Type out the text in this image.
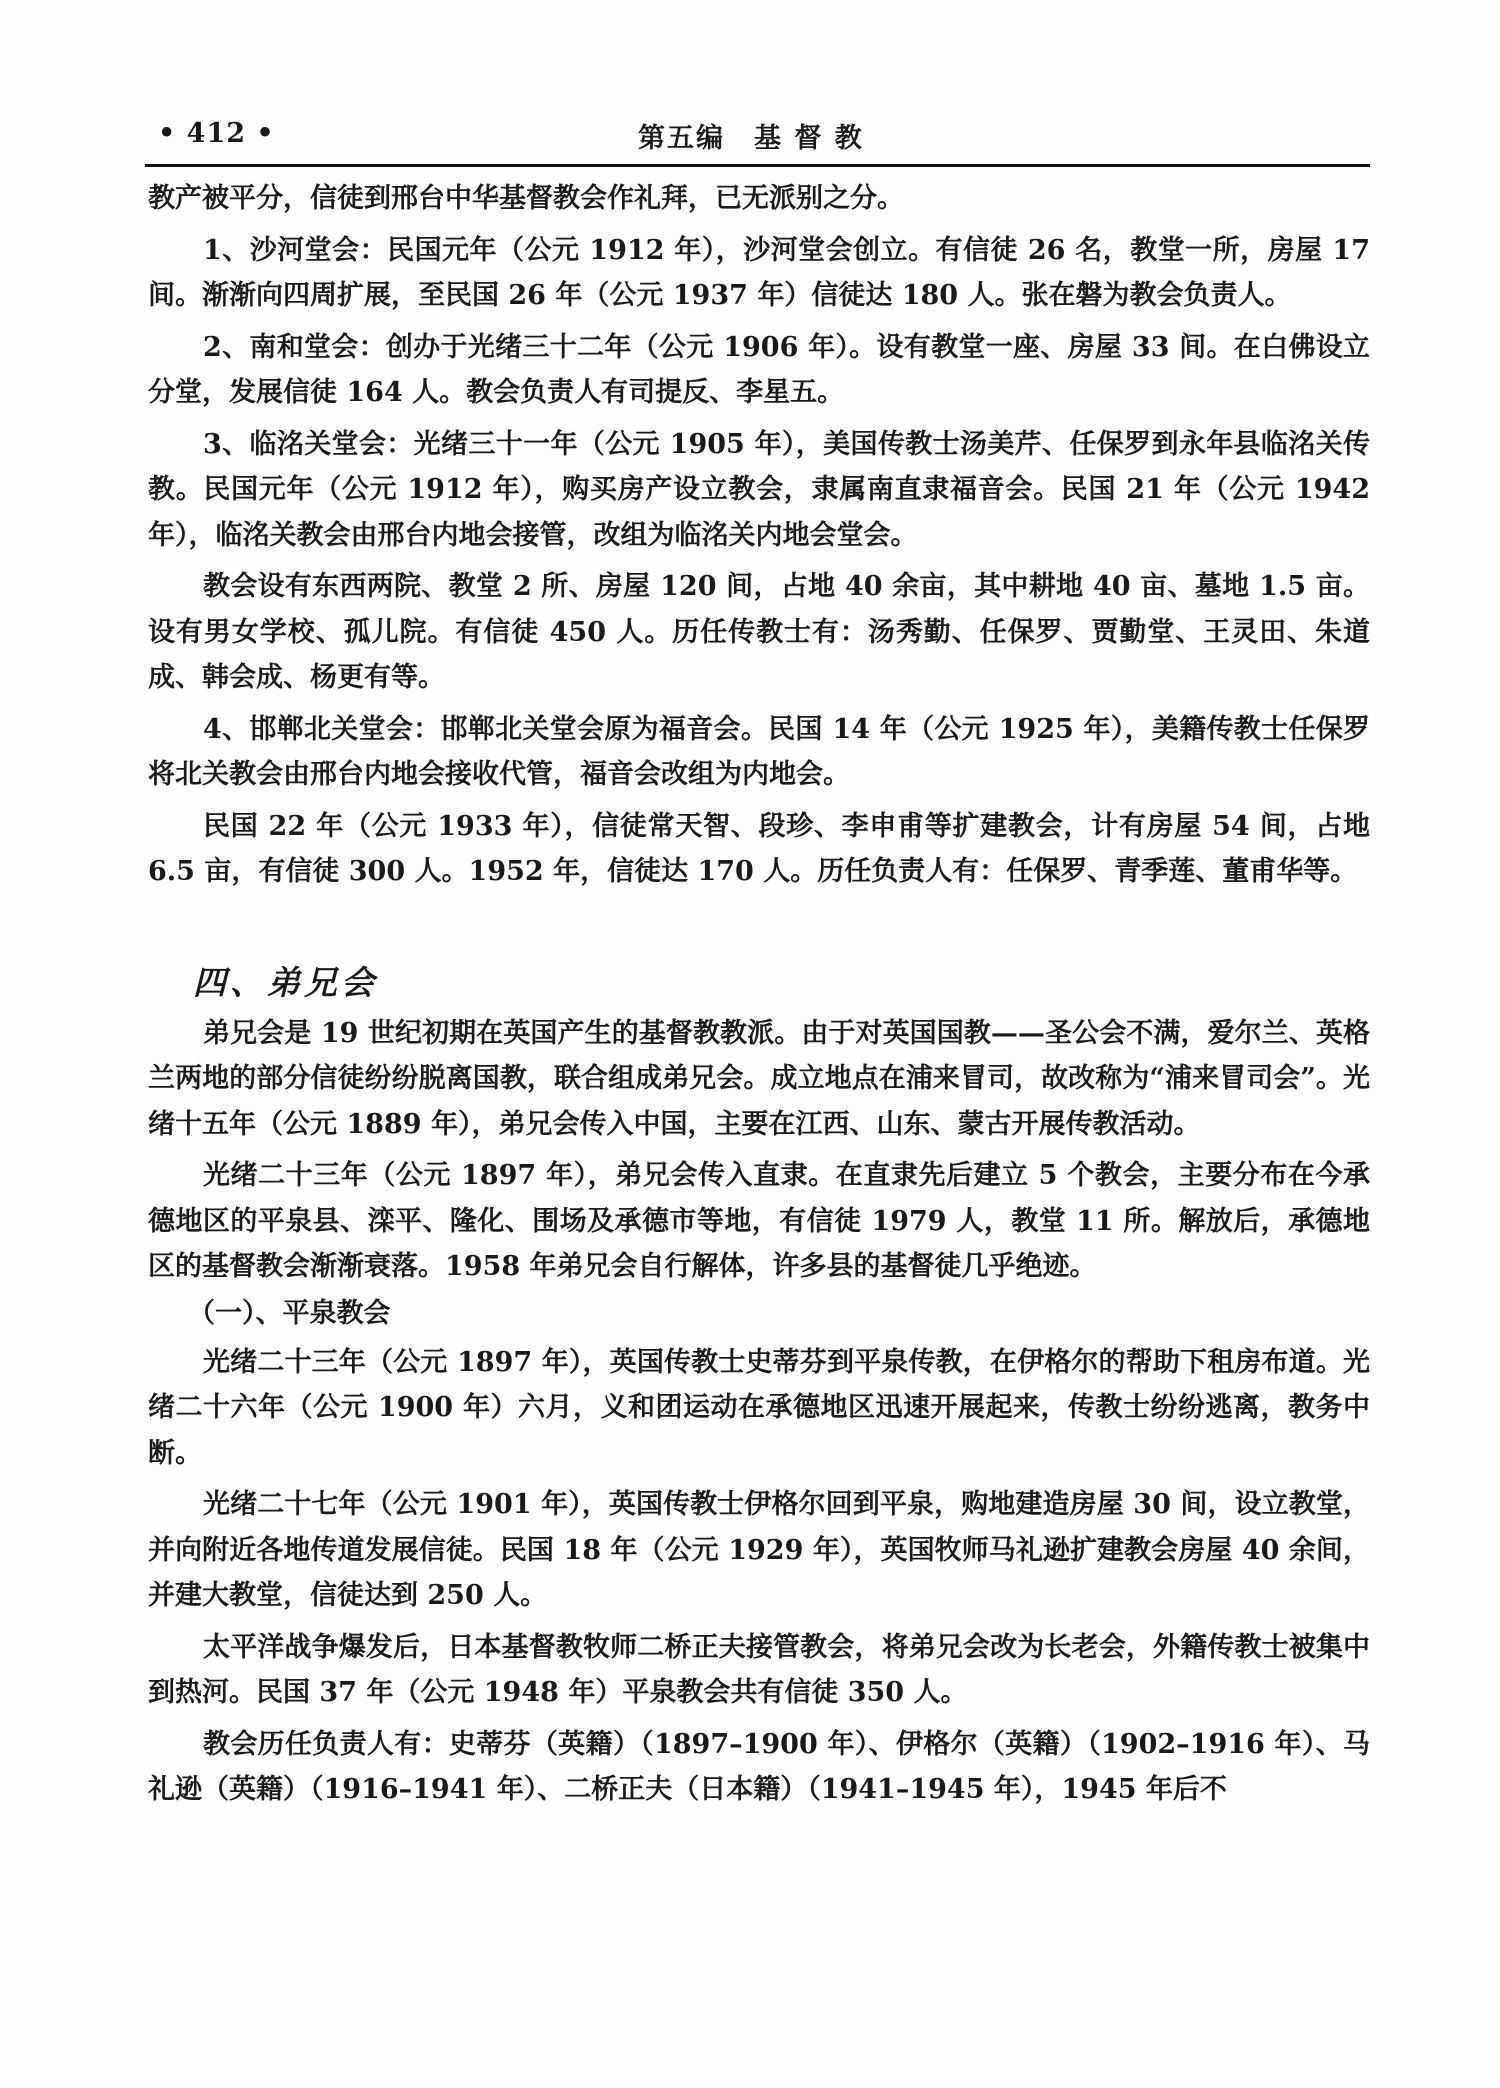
• 412 •	第五编　基 督 教

教产被平分，信徒到邢台中华基督教会作礼拜，已无派别之分。

1、沙河堂会：民国元年（公元 1912 年），沙河堂会创立。有信徒 26 名，教堂一所，房屋 17 间。渐渐向四周扩展，至民国 26 年（公元 1937 年）信徒达 180 人。张在磐为教会负责人。

2、南和堂会：创办于光绪三十二年（公元 1906 年）。设有教堂一座、房屋 33 间。在白佛设立分堂，发展信徒 164 人。教会负责人有司提反、李星五。

3、临洺关堂会：光绪三十一年（公元 1905 年），美国传教士汤美芹、任保罗到永年县临洺关传教。民国元年（公元 1912 年），购买房产设立教会，隶属南直隶福音会。民国 21 年（公元 1942 年），临洺关教会由邢台内地会接管，改组为临洺关内地会堂会。

教会设有东西两院、教堂 2 所、房屋 120 间，占地 40 余亩，其中耕地 40 亩、墓地 1.5 亩。设有男女学校、孤儿院。有信徒 450 人。历任传教士有：汤秀勤、任保罗、贾勤堂、王灵田、朱道成、韩会成、杨更有等。

4、邯郸北关堂会：邯郸北关堂会原为福音会。民国 14 年（公元 1925 年），美籍传教士任保罗将北关教会由邢台内地会接收代管，福音会改组为内地会。

民国 22 年（公元 1933 年），信徒常天智、段珍、李申甫等扩建教会，计有房屋 54 间，占地 6.5 亩，有信徒 300 人。1952 年，信徒达 170 人。历任负责人有：任保罗、青季莲、董甫华等。

四、弟兄会

弟兄会是 19 世纪初期在英国产生的基督教教派。由于对英国国教——圣公会不满，爱尔兰、英格兰两地的部分信徒纷纷脱离国教，联合组成弟兄会。成立地点在浦来冒司，故改称为“浦来冒司会”。光绪十五年（公元 1889 年），弟兄会传入中国，主要在江西、山东、蒙古开展传教活动。

光绪二十三年（公元 1897 年），弟兄会传入直隶。在直隶先后建立 5 个教会，主要分布在今承德地区的平泉县、滦平、隆化、围场及承德市等地，有信徒 1979 人，教堂 11 所。解放后，承德地区的基督教会渐渐衰落。1958 年弟兄会自行解体，许多县的基督徒几乎绝迹。

（一）、平泉教会

光绪二十三年（公元 1897 年），英国传教士史蒂芬到平泉传教，在伊格尔的帮助下租房布道。光绪二十六年（公元 1900 年）六月，义和团运动在承德地区迅速开展起来，传教士纷纷逃离，教务中断。

光绪二十七年（公元 1901 年），英国传教士伊格尔回到平泉，购地建造房屋 30 间，设立教堂，并向附近各地传道发展信徒。民国 18 年（公元 1929 年），英国牧师马礼逊扩建教会房屋 40 余间，并建大教堂，信徒达到 250 人。

太平洋战争爆发后，日本基督教牧师二桥正夫接管教会，将弟兄会改为长老会，外籍传教士被集中到热河。民国 37 年（公元 1948 年）平泉教会共有信徒 350 人。

教会历任负责人有：史蒂芬（英籍）（1897–1900 年）、伊格尔（英籍）（1902–1916 年）、马礼逊（英籍）（1916–1941 年）、二桥正夫（日本籍）（1941–1945 年），1945 年后不
